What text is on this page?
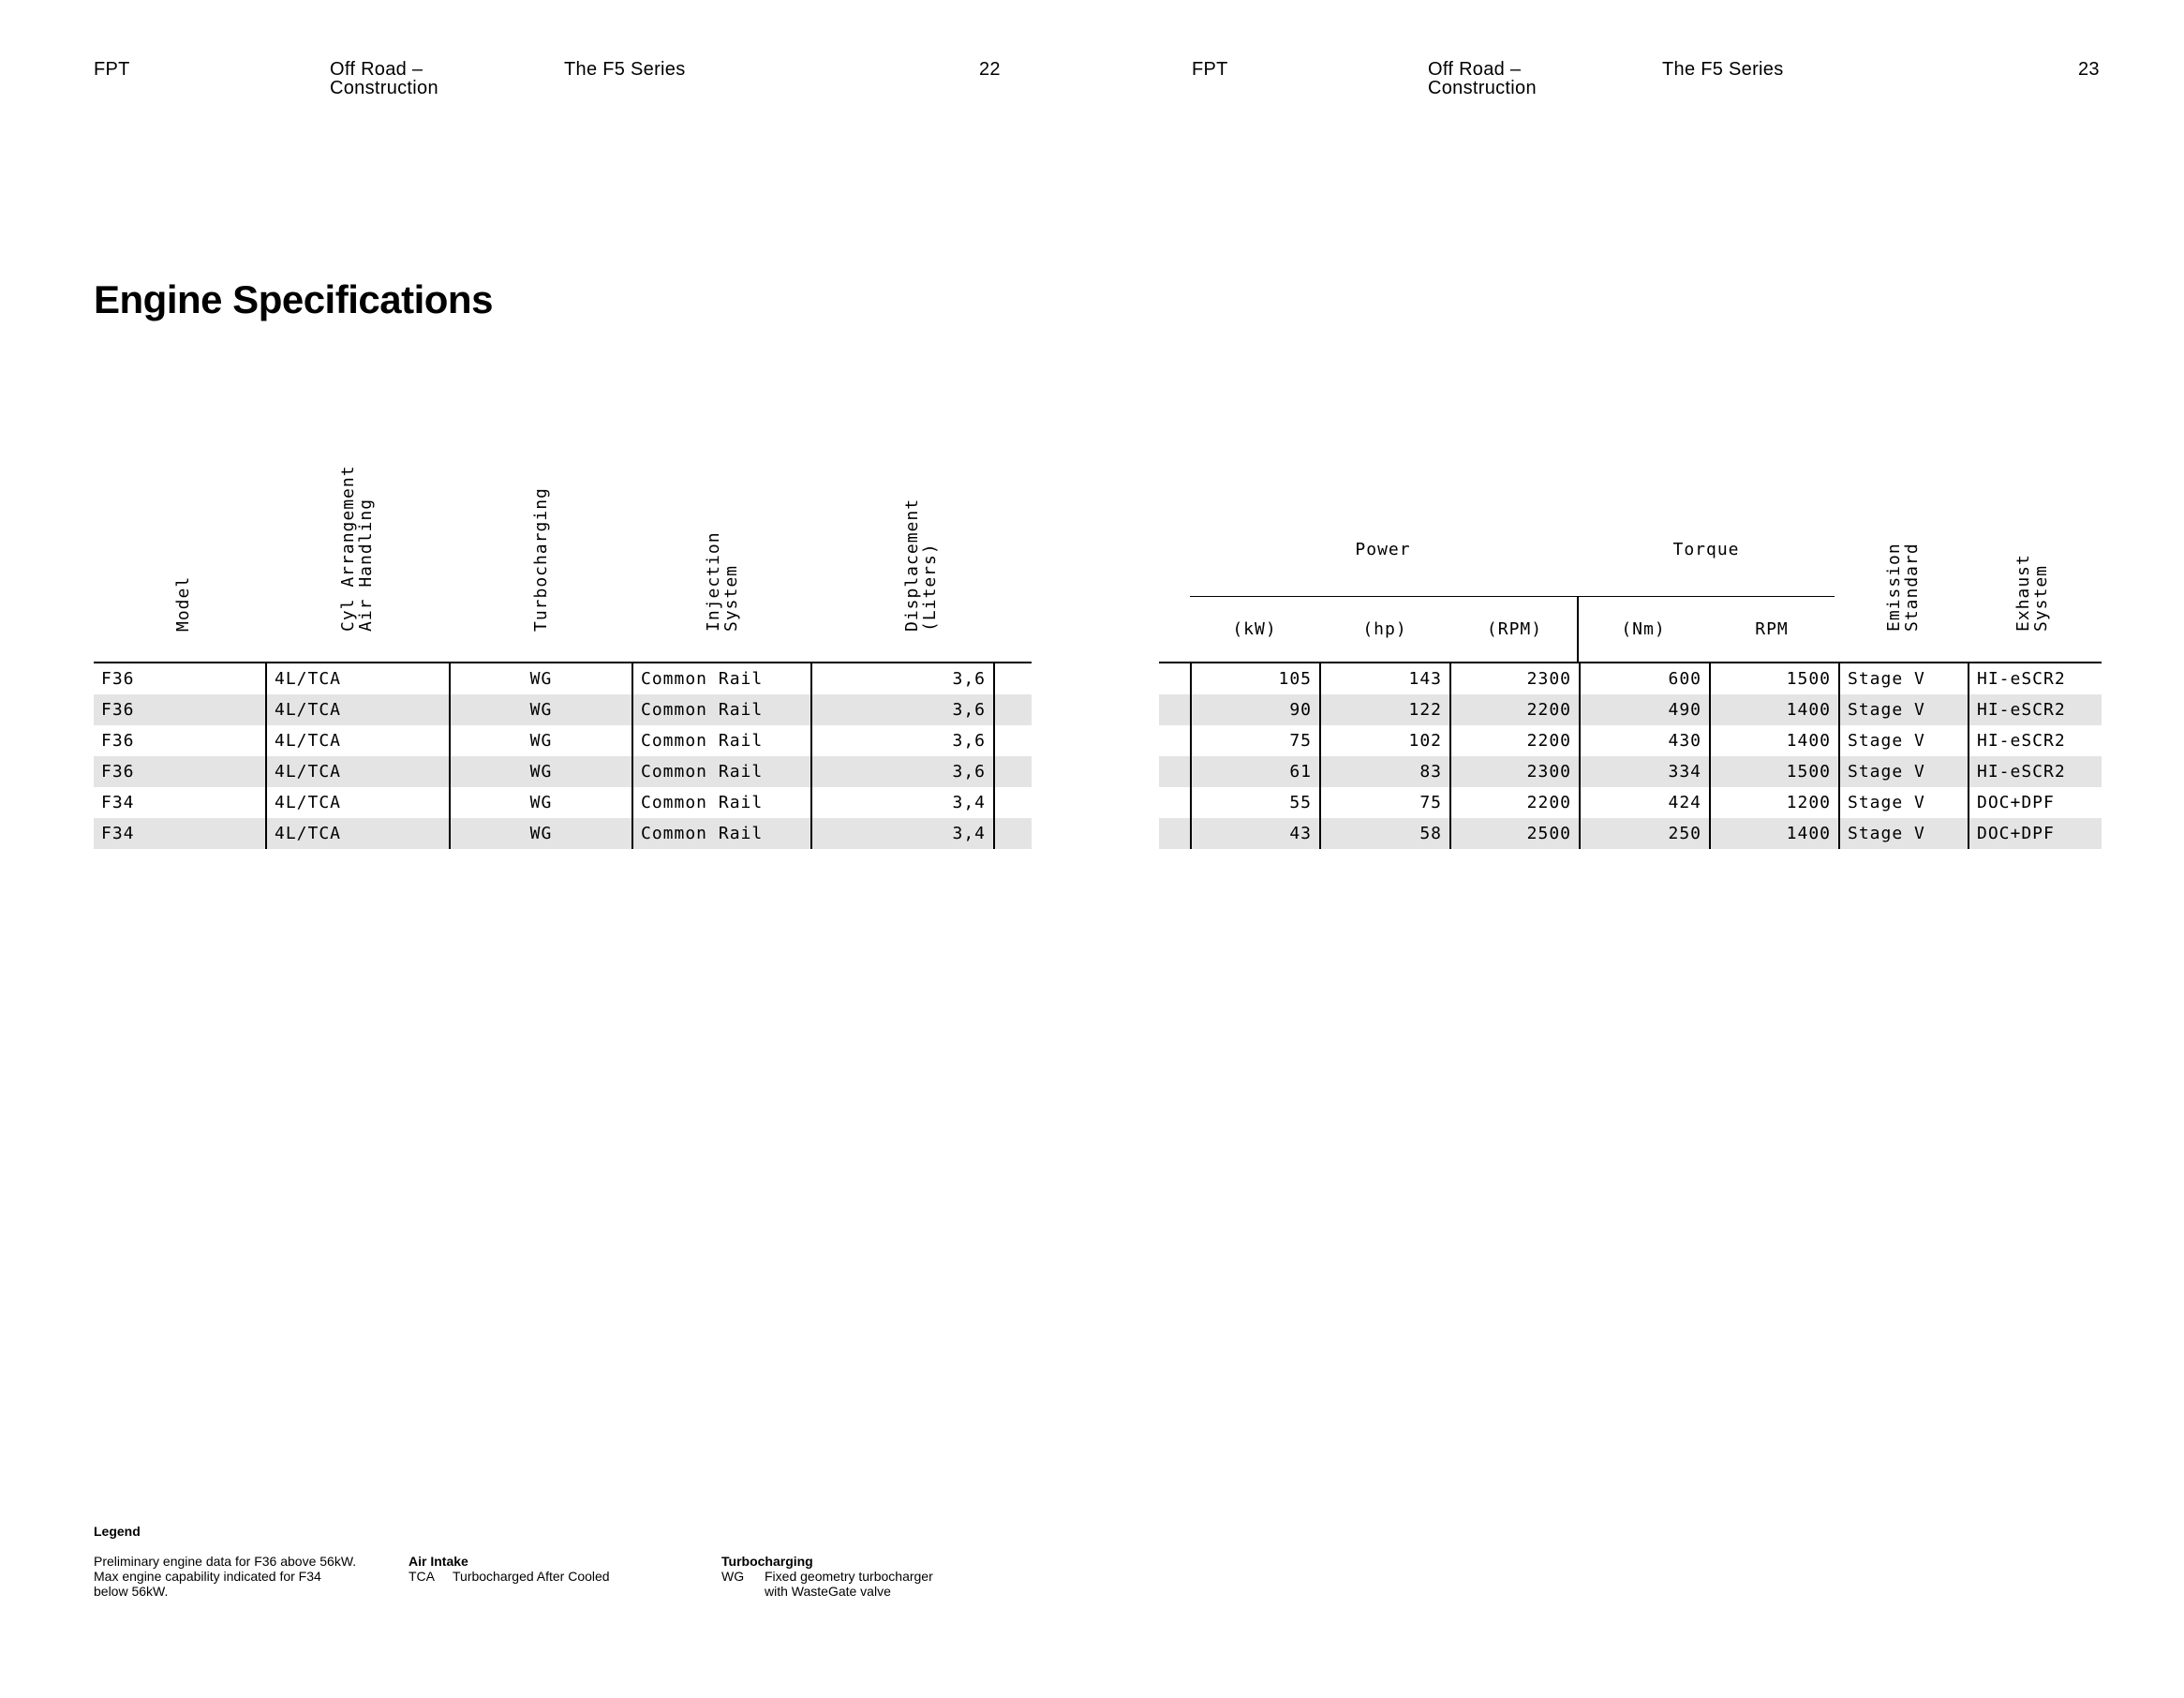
FPT	Off Road –
Construction
The F5 Series	22	FPT	Off Road –
Construction
The F5 Series	23
Engine Specifications
Model	Cyl Arrangement
Air Handling	Turbocharging	Injection
System	Displacement
(Liters)
F36	4L/TCA	WG	Common Rail	3,6	
F36	4L/TCA	WG	Common Rail	3,6	
F36	4L/TCA	WG	Common Rail	3,6	
F36	4L/TCA	WG	Common Rail	3,6	
F34	4L/TCA	WG	Common Rail	3,4	
F34	4L/TCA	WG	Common Rail	3,4	
Power	Torque
(kW)	(hp)	(RPM)	(Nm)	RPM	Emission
Standard	Exhaust
System
	105	143	2300	600	1500	Stage V	HI-eSCR2
	90	122	2200	490	1400	Stage V	HI-eSCR2
	75	102	2200	430	1400	Stage V	HI-eSCR2
	61	83	2300	334	1500	Stage V	HI-eSCR2
	55	75	2200	424	1200	Stage V	DOC+DPF
	43	58	2500	250	1400	Stage V	DOC+DPF
Legend
Preliminary engine data for F36 above 56kW.
Max engine capability indicated for F34
below 56kW.
Air Intake
TCA Turbocharged After Cooled
Turbocharging
WG Fixed geometry turbocharger
with WasteGate valve
